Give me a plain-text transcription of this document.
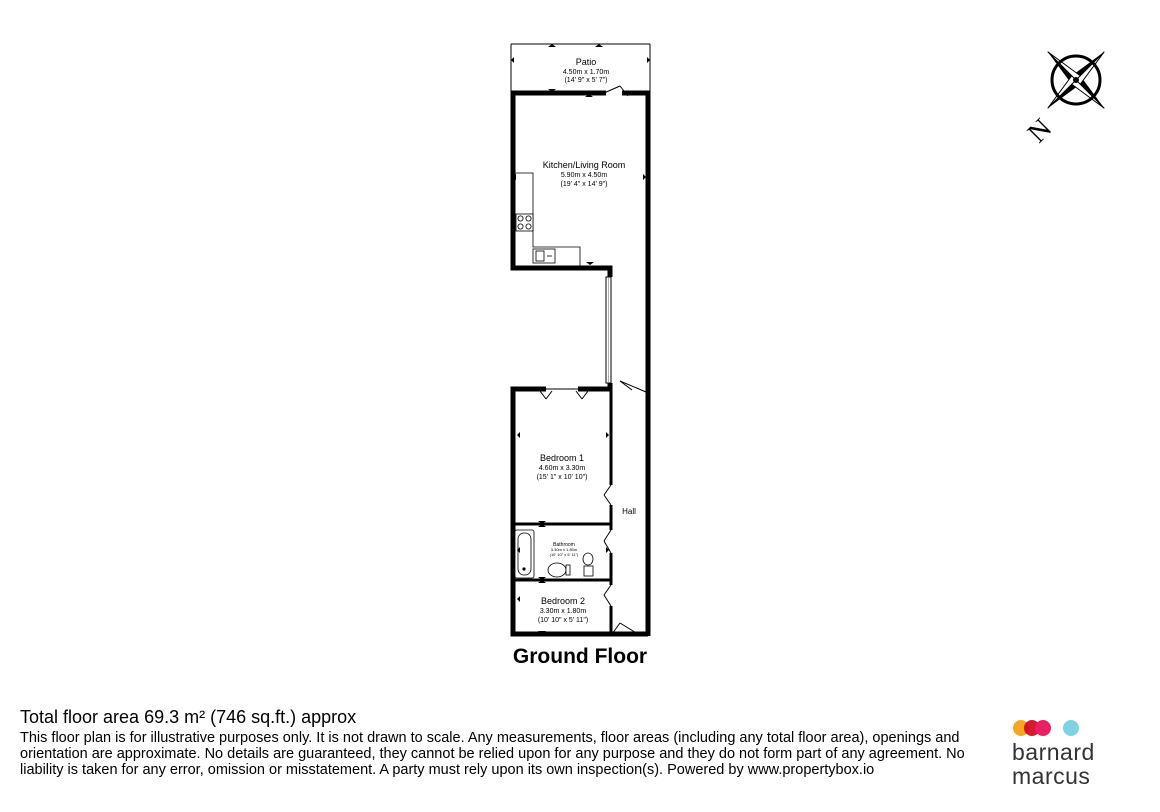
Patio
4.50m x 1.70m
(14' 9" x 5' 7")
Kitchen/Living Room
5.90m x 4.50m
(19' 4" x 14' 9")
Bedroom 1
4.60m x 3.30m
(15' 1" x 10' 10")
Bathroom
3.30m x 1.80m
(10' 10" x 5' 11")
Bedroom 2
3.30m x 1.80m
(10' 10" x 5' 11")
Hall
Ground Floor
N
Total floor area 69.3 m² (746 sq.ft.) approx
This floor plan is for illustrative purposes only. It is not drawn to scale. Any measurements, floor areas (including any total floor area), openings and orientation are approximate. No details are guaranteed, they cannot be relied upon for any purpose and they do not form part of any agreement. No liability is taken for any error, omission or misstatement. A party must rely upon its own inspection(s). Powered by www.propertybox.io
barnard
marcus
